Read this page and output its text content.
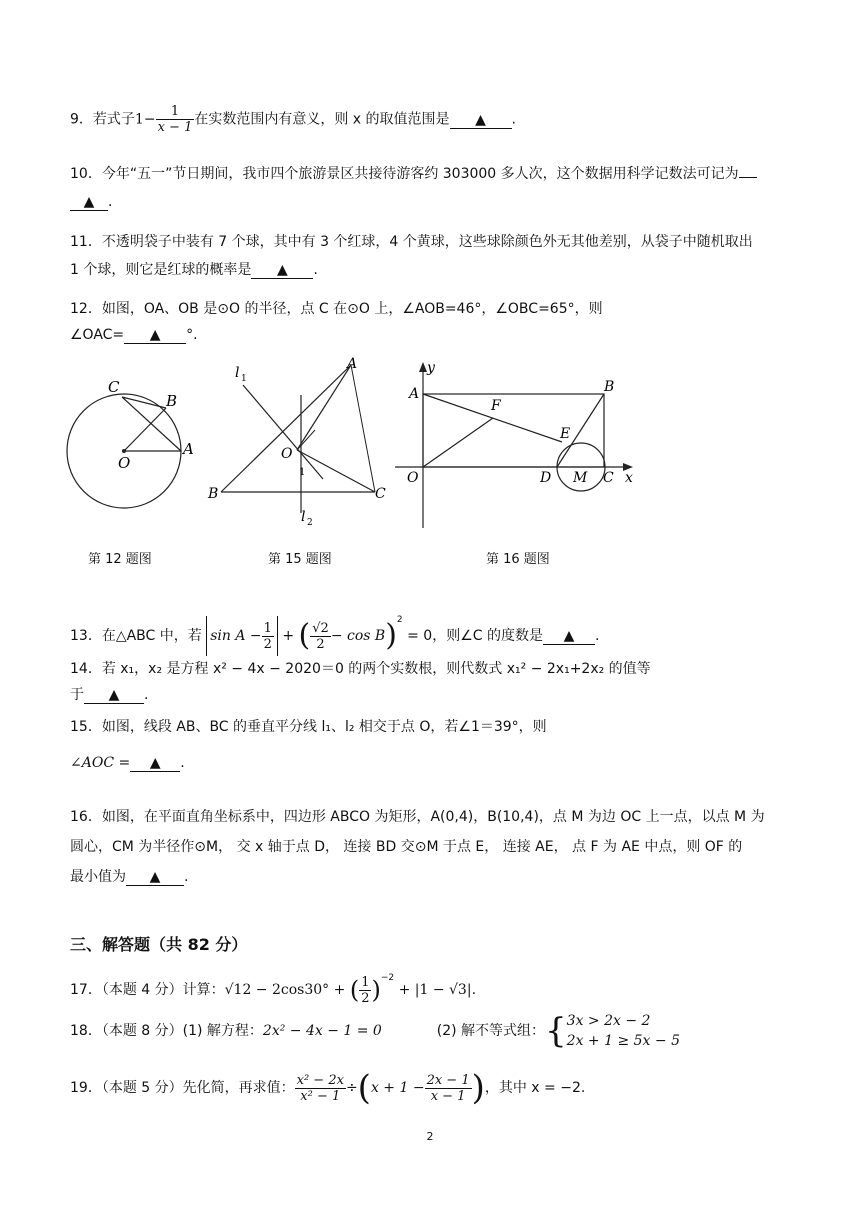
9．若式子$1- \frac{1}{x - 1}$ 在实数范围内有意义，则 x 的取值范围是 ▲ .
10．今年“五一”节日期间，我市四个旅游景区共接待游客约 303000 多人次，这个数据用科学记数法可记为
▲ .
11．不透明袋子中装有 7 个球，其中有 3 个红球，4 个黄球，这些球除颜色外无其他差别，从袋子中随机取出
1 个球，则它是红球的概率是 ▲ .
12．如图，OA、OB 是⊙O 的半径，点 C 在⊙O 上，∠AOB=46°，∠OBC=65°，则
∠OAC= ▲ °.
C
B
A
O
l 1
A
O
1
B	C
l 2
y
A	B
F
E
O	D M C x
第 12 题图	第 15 题图	第 16 题图
13．在△ABC 中，若 $\sin A - \frac{1}{2}$ + ( $\frac{√2}{2} - \cos B)^2 = 0$，则∠C 的度数是 ▲ .
14．若 x₁，x₂ 是方程 x² − 4x − 2020＝0 的两个实数根，则代数式 x₁² − 2x₁+2x₂ 的值等
于 ▲ .
15．如图，线段 AB、BC 的垂直平分线 l₁、l₂ 相交于点 O，若∠1＝39°，则
∠AOC = ▲ .
16．如图，在平面直角坐标系中，四边形 ABCO 为矩形，A(0,4)，B(10,4)，点 M 为边 OC 上一点，以点 M 为
圆心，CM 为半径作⊙M， 交 x 轴于点 D， 连接 BD 交⊙M 于点 E， 连接 AE， 点 F 为 AE 中点，则 OF 的
最小值为 ▲ .
三、解答题（共 82 分）
17．（本题 4 分）计算：√12 − 2cos30° + ( $\frac{1}{2} )^{-2} + |1 - √3|$.
18．（本题 8 分）(1) 解方程：2x² − 4x − 1 = 0	(2) 解不等式组：{ 3x > 2x − 2
2x + 1 ≥ 5x − 5
19．（本题 5 分）先化简，再求值： $\frac{\text{x² − 2x}}{\text{x² − 1}} \div(x + 1 - \frac{2x - 1}{x - 1}$ )，其中 x = −2.
2
